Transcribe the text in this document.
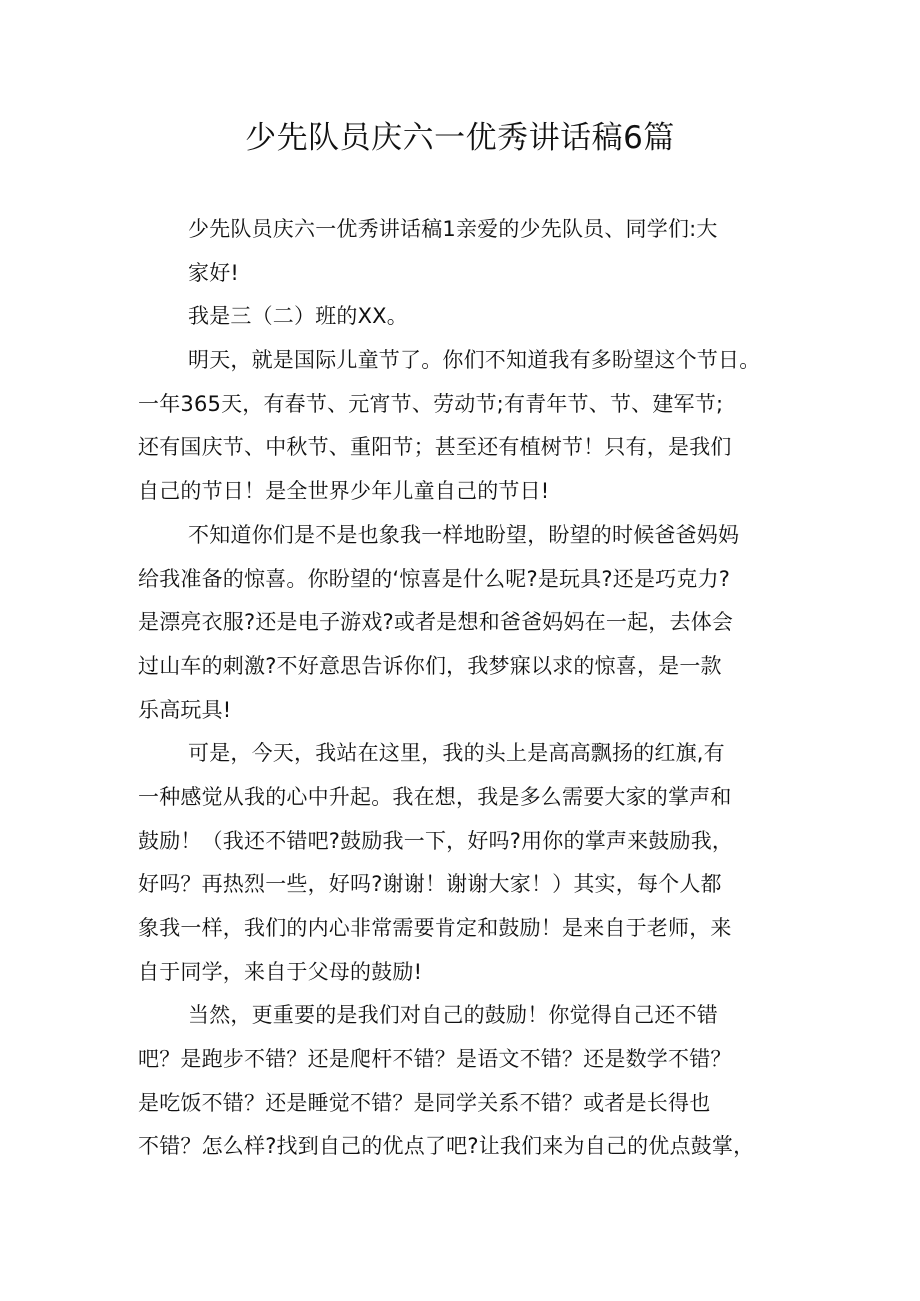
少先队员庆六一优秀讲话稿6篇
少先队员庆六一优秀讲话稿1亲爱的少先队员、同学们:大
家好!
我是三（二）班的XX。
明天，就是国际儿童节了。你们不知道我有多盼望这个节日。
一年365天，有春节、元宵节、劳动节;有青年节、节、建军节;
还有国庆节、中秋节、重阳节；甚至还有植树节！只有，是我们
自己的节日！是全世界少年儿童自己的节日!
不知道你们是不是也象我一样地盼望，盼望的时候爸爸妈妈
给我准备的惊喜。你盼望的‘惊喜是什么呢?是玩具?还是巧克力?
是漂亮衣服?还是电子游戏?或者是想和爸爸妈妈在一起，去体会
过山车的刺激?不好意思告诉你们，我梦寐以求的惊喜，是一款
乐高玩具!
可是，今天，我站在这里，我的头上是高高飘扬的红旗,有
一种感觉从我的心中升起。我在想，我是多么需要大家的掌声和
鼓励！（我还不错吧?鼓励我一下，好吗?用你的掌声来鼓励我，
好吗？再热烈一些，好吗?谢谢！谢谢大家！）其实，每个人都
象我一样，我们的内心非常需要肯定和鼓励！是来自于老师，来
自于同学，来自于父母的鼓励!
当然，更重要的是我们对自己的鼓励！你觉得自己还不错
吧？是跑步不错？还是爬杆不错？是语文不错？还是数学不错？
是吃饭不错？还是睡觉不错？是同学关系不错？或者是长得也
不错？怎么样?找到自己的优点了吧?让我们来为自己的优点鼓掌，
